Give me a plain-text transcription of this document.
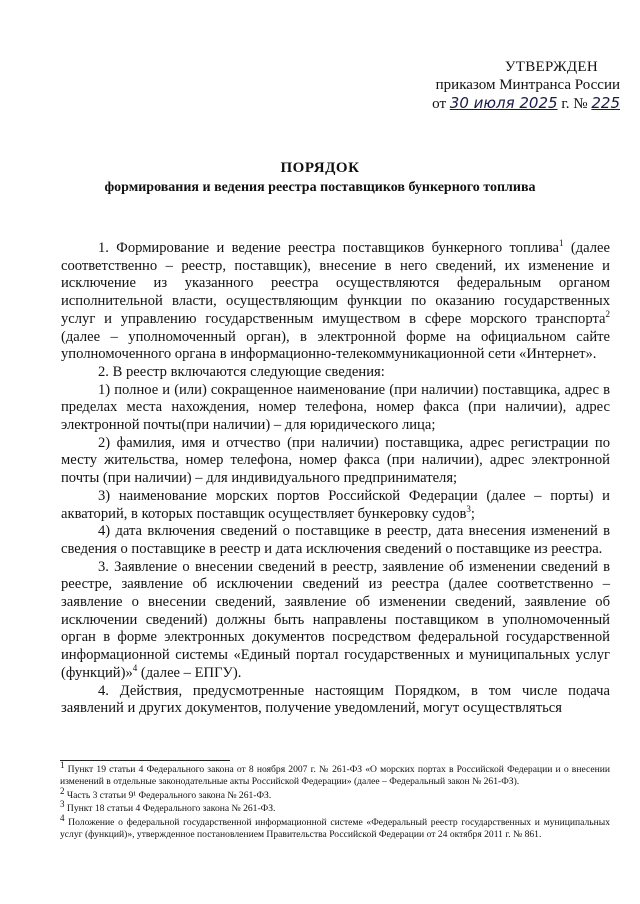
УТВЕРЖДЕН
приказом Минтранса России
от 30 июля 2025 г. № 225
ПОРЯДОК
формирования и ведения реестра поставщиков бункерного топлива

1. Формирование и ведение реестра поставщиков бункерного топлива$^1$ (далее соответственно – реестр, поставщик), внесение в него сведений, их изменение и исключение из указанного реестра осуществляются федеральным органом исполнительной власти, осуществляющим функции по оказанию государственных услуг и управлению государственным имуществом в сфере морского транспорта$^2$ (далее – уполномоченный орган), в электронной форме на официальном сайте уполномоченного органа в информационно-телекоммуникационной сети «Интернет».

2. В реестр включаются следующие сведения:

1) полное и (или) сокращенное наименование (при наличии) поставщика, адрес в пределах места нахождения, номер телефона, номер факса (при наличии), адрес электронной почты(при наличии) – для юридического лица;

2) фамилия, имя и отчество (при наличии) поставщика, адрес регистрации по месту жительства, номер телефона, номер факса (при наличии), адрес электронной почты (при наличии) – для индивидуального предпринимателя;

3) наименование морских портов Российской Федерации (далее – порты) и акваторий, в которых поставщик осуществляет бункеровку судов$^3$;

4) дата включения сведений о поставщике в реестр, дата внесения изменений в сведения о поставщике в реестр и дата исключения сведений о поставщике из реестра.

3. Заявление о внесении сведений в реестр, заявление об изменении сведений в реестре, заявление об исключении сведений из реестра (далее соответственно – заявление о внесении сведений, заявление об изменении сведений, заявление об исключении сведений) должны быть направлены поставщиком в уполномоченный орган в форме электронных документов посредством федеральной государственной информационной системы «Единый портал государственных и муниципальных услуг (функций)»$^4$ (далее – ЕПГУ).

4. Действия, предусмотренные настоящим Порядком, в том числе подача заявлений и других документов, получение уведомлений, могут осуществляться

$^1$ Пункт 19 статьи 4 Федерального закона от 8 ноября 2007 г. № 261-ФЗ «О морских портах в Российской Федерации и о внесении изменений в отдельные законодательные акты Российской Федерации» (далее – Федеральный закон № 261-ФЗ).

$^2$ Часть 3 статьи 9¹ Федерального закона № 261-ФЗ.

$^3$ Пункт 18 статьи 4 Федерального закона № 261-ФЗ.

$^4$ Положение о федеральной государственной информационной системе «Федеральный реестр государственных и муниципальных услуг (функций)», утвержденное постановлением Правительства Российской Федерации от 24 октября 2011 г. № 861.
